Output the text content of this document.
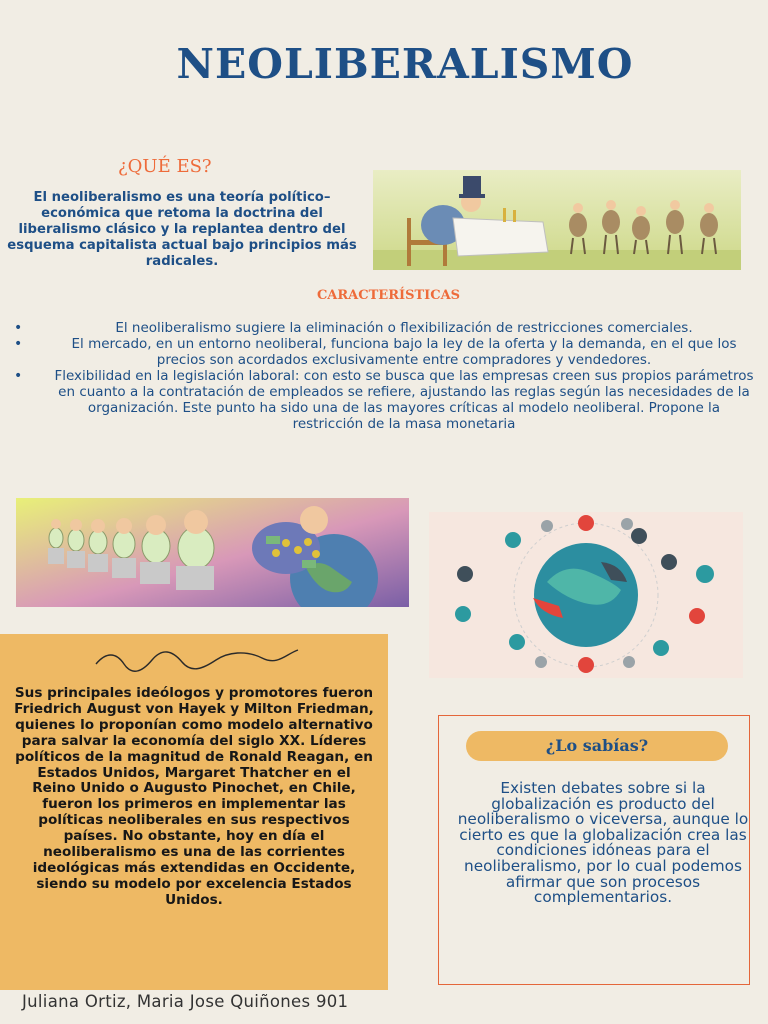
NEOLIBERALISMO
¿QUÉ ES?
El neoliberalismo es una teoría político–económica que retoma la doctrina del liberalismo clásico y la replantea dentro del esquema capitalista actual bajo principios más radicales.
CARACTERÍSTICAS
• El neoliberalismo sugiere la eliminación o flexibilización de restricciones comerciales.
• El mercado, en un entorno neoliberal, funciona bajo la ley de la oferta y la demanda, en el que los precios son acordados exclusivamente entre compradores y vendedores.
• Flexibilidad en la legislación laboral: con esto se busca que las empresas creen sus propios parámetros en cuanto a la contratación de empleados se refiere, ajustando las reglas según las necesidades de la organización. Este punto ha sido una de las mayores críticas al modelo neoliberal. Propone la restricción de la masa monetaria
Sus principales ideólogos y promotores fueron Friedrich August von Hayek y Milton Friedman, quienes lo proponían como modelo alternativo para salvar la economía del siglo XX. Líderes políticos de la magnitud de Ronald Reagan, en Estados Unidos, Margaret Thatcher en el Reino Unido o Augusto Pinochet, en Chile, fueron los primeros en implementar las políticas neoliberales en sus respectivos países. No obstante, hoy en día el neoliberalismo es una de las corrientes ideológicas más extendidas en Occidente, siendo su modelo por excelencia Estados Unidos.
¿Lo sabías?
Existen debates sobre si la globalización es producto del neoliberalismo o viceversa, aunque lo cierto es que la globalización crea las condiciones idóneas para el neoliberalismo, por lo cual podemos afirmar que son procesos complementarios.
Juliana Ortiz, Maria Jose Quiñones 901
